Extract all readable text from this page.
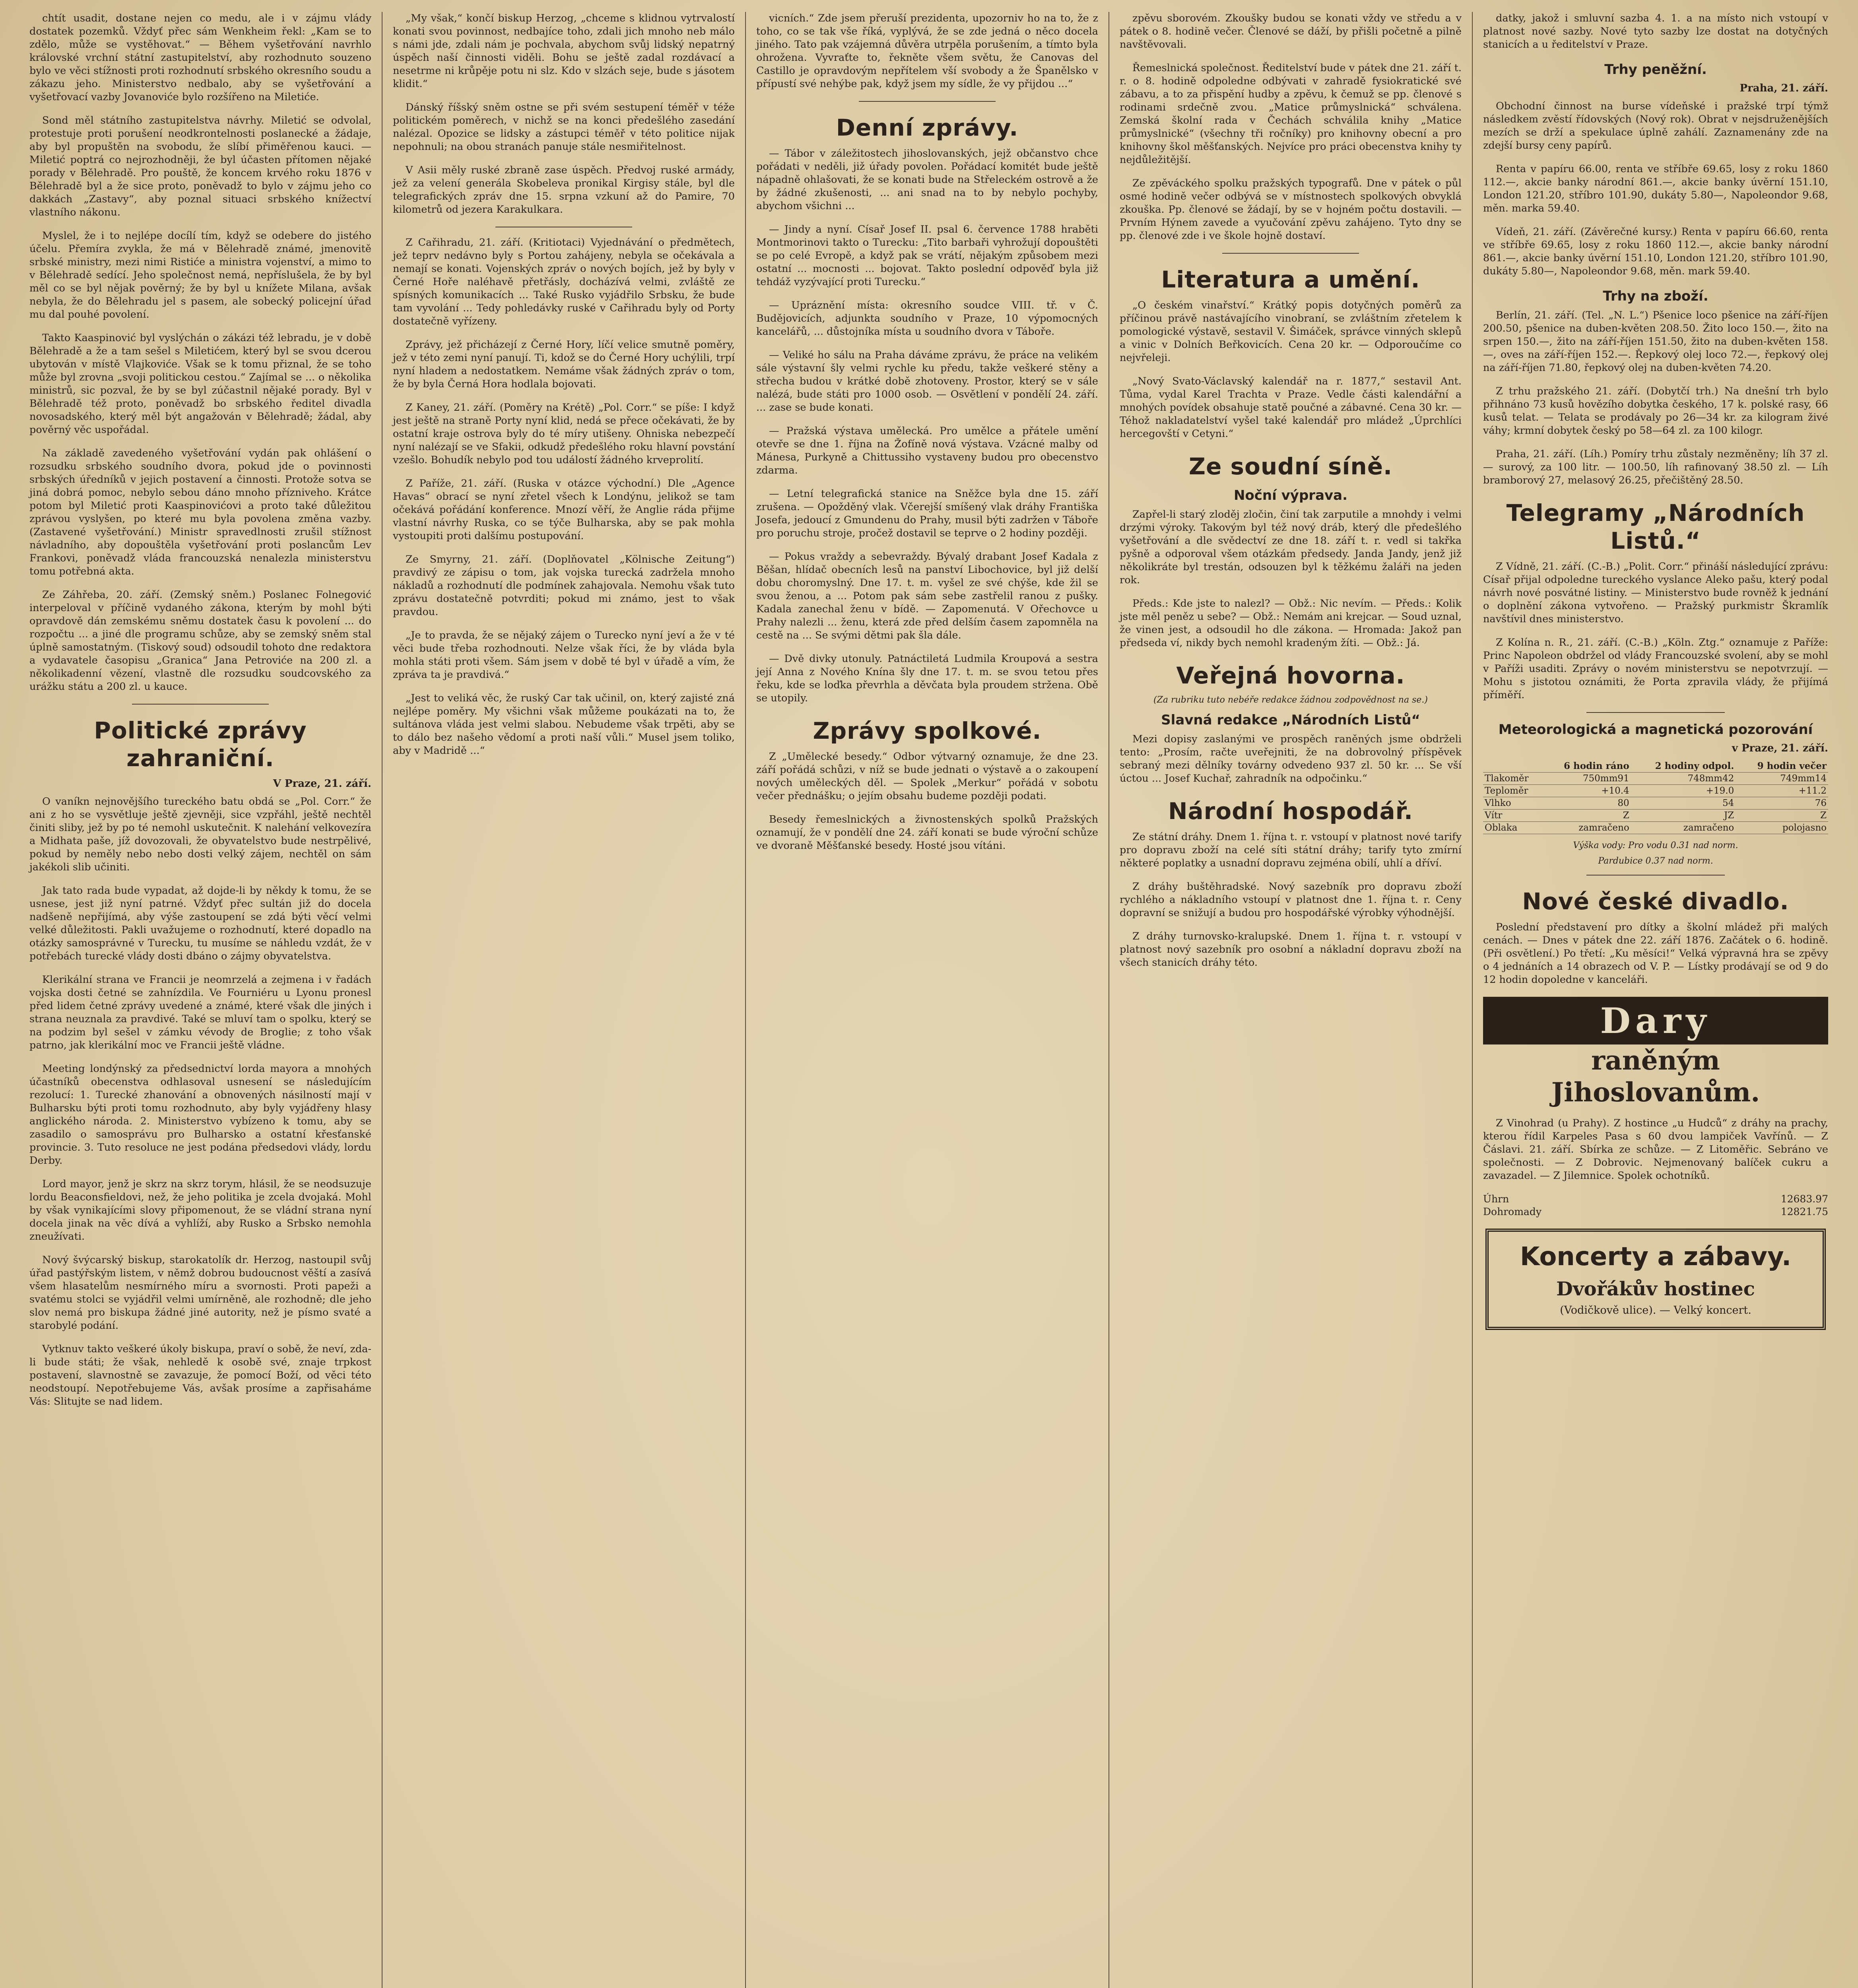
chtít usadit, dostane nejen co medu, ale i v zájmu vlády dostatek pozemků. Vždyť přec sám Wenkheim řekl: „Kam se to zdělo, může se vystěhovat.“ — Během vyšetřování navrhlo královské vrchní státní zastupitelství, aby rozhodnuto souzeno bylo ve věci stížnosti proti rozhodnutí srbského okresního soudu a zákazu jeho. Ministerstvo nedbalo, aby se vyšetřování a vyšetřovací vazby Jovanoviće bylo rozšířeno na Miletiće.

Sond měl státního zastupitelstva návrhy. Miletić se odvolal, protestuje proti porušení neodkrontelnosti poslanecké a žádaje, aby byl propuštěn na svobodu, že slíbí přiměřenou kauci. — Miletić poptrá co nejrozhodněji, že byl účasten přítomen nějaké porady v Bělehradě. Pro pouště, že koncem krvého roku 1876 v Bělehradě byl a že sice proto, poněvadž to bylo v zájmu jeho co dakkách „Zastavy“, aby poznal situaci srbského knížectví vlastního nákonu.

Myslel, že i to nejlépe docílí tím, když se odebere do jistého účelu. Přemíra zvykla, že má v Bělehradě známé, jmenovitě srbské ministry, mezi nimi Ristiće a ministra vojenství, a mimo to v Bělehradě sedící. Jeho společnost nemá, nepříslušela, že by byl měl co se byl nějak pověrný; že by byl u knížete Milana, avšak nebyla, že do Bělehradu jel s pasem, ale sobecký policejní úřad mu dal pouhé povolení.

Takto Kaaspinović byl vyslýchán o zákázi též lebradu, je v době Bělehradě a že a tam sešel s Miletićem, který byl se svou dcerou ubytován v místě Vlajkoviće. Však se k tomu přiznal, že se toho může byl zrovna „svoji politickou cestou.“ Zajímal se ... o několika ministrů, sic pozval, že by se byl zúčastnil nějaké porady. Byl v Bělehradě též proto, poněvadž bo srbského ředitel divadla novosadského, který měl být angažován v Bělehradě; žádal, aby pověrný věc uspořádal.

Na základě zavedeného vyšetřování vydán pak ohlášení o rozsudku srbského soudního dvora, pokud jde o povinnosti srbských úředníků v jejich postavení a činnosti. Protože sotva se jiná dobrá pomoc, nebylo sebou dáno mnoho přízniveho. Krátce potom byl Miletić proti Kaaspinovićovi a proto také důležitou zprávou vyslyšen, po které mu byla povolena změna vazby. (Zastavené vyšetřování.) Ministr spravedlnosti zrušil stížnost návladního, aby dopouštěla vyšetřování proti poslancům Lev Frankovi, poněvadž vláda francouzská nenalezla ministerstvu tomu potřebná akta.

Ze Záhřeba, 20. září. (Zemský sněm.) Poslanec Folnegović interpeloval v příčině vydaného zákona, kterým by mohl býti opravdově dán zemskému sněmu dostatek času k povolení ... do rozpočtu ... a jiné dle programu schůze, aby se zemský sněm stal úplně samostatným. (Tiskový soud) odsoudil tohoto dne redaktora a vydavatele časopisu „Granica“ Jana Petroviće na 200 zl. a několikadenní vězení, vlastně dle rozsudku soudcovského za urážku státu a 200 zl. u kauce.

Politické zprávy zahraniční.
V Praze, 21. září.

O vaníkn nejnovějšího tureckého batu obdá se „Pol. Corr.“ že ani z ho se vysvětluje ještě zjevněji, sice vzpřáhl, ještě nechtěl činiti sliby, jež by po té nemohl uskutečnit. K nalehání velkovezíra a Midhata paše, jíž dovozovali, že obyvatelstvo bude nestrpělivé, pokud by neměly nebo nebo dosti velký zájem, nechtěl on sám jakékoli slib učiniti.

Jak tato rada bude vypadat, až dojde-li by někdy k tomu, že se usnese, jest již nyní patrné. Vždyť přec sultán již do docela nadšeně nepřijímá, aby výše zastoupení se zdá býti věcí velmi velké důležitosti. Pakli uvažujeme o rozhodnutí, které dopadlo na otázky samosprávné v Turecku, tu musíme se náhledu vzdát, že v potřebách turecké vlády dosti dbáno o zájmy obyvatelstva.

Klerikální strana ve Francii je neomrzelá a zejmena i v řadách vojska dosti četné se zahnízdila. Ve Fourniéru u Lyonu pronesl před lidem četné zprávy uvedené a známé, které však dle jiných i strana neuznala za pravdivé. Také se mluví tam o spolku, který se na podzim byl sešel v zámku vévody de Broglie; z toho však patrno, jak klerikální moc ve Francii ještě vládne.

Meeting londýnský za předsednictví lorda mayora a mnohých účastníků obecenstva odhlasoval usnesení se následujícím rezolucí: 1. Turecké zhanování a obnovených násilností mají v Bulharsku býti proti tomu rozhodnuto, aby byly vyjádřeny hlasy anglického národa. 2. Ministerstvo vybízeno k tomu, aby se zasadilo o samosprávu pro Bulharsko a ostatní křesťanské provincie. 3. Tuto resoluce ne jest podána předsedovi vlády, lordu Derby.

Lord mayor, jenž je skrz na skrz torym, hlásil, že se neodsuzuje lordu Beaconsfieldovi, než, že jeho politika je zcela dvojaká. Mohl by však vynikajícími slovy připomenout, že se vládní strana nyní docela jinak na věc dívá a vyhlíží, aby Rusko a Srbsko nemohla zneužívati.

Nový švýcarský biskup, starokatolík dr. Herzog, nastoupil svůj úřad pastýřským listem, v němž dobrou budoucnost věští a zasívá všem hlasatelům nesmírného míru a svornosti. Proti papeži a svatému stolci se vyjádřil velmi umírněně, ale rozhodně; dle jeho slov nemá pro biskupa žádné jiné autority, než je písmo svaté a starobylé podání.

Vytknuv takto veškeré úkoly biskupa, praví o sobě, že neví, zda-li bude státi; že však, nehledě k osobě své, znaje trpkost postavení, slavnostně se zavazuje, že pomocí Boží, od věci této neodstoupí. Nepotřebujeme Vás, avšak prosíme a zapřisaháme Vás: Slitujte se nad lidem.

„My však,“ končí biskup Herzog, „chceme s klidnou vytrvalostí konati svou povinnost, nedbajíce toho, zdali jich mnoho neb málo s námi jde, zdali nám je pochvala, abychom svůj lidský nepatrný úspěch naší činnosti viděli. Bohu se ještě zadal rozdávací a nesetrme ni krůpěje potu ni slz. Kdo v slzách seje, bude s jásotem klidit.“

Dánský říšský sněm ostne se při svém sestupení téměř v téže politickém poměrech, v nichž se na konci předešlého zasedání nalézal. Opozice se lidsky a zástupci téměř v této politice nijak nepohnuli; na obou stranách panuje stále nesmiřitelnost.

V Asii měly ruské zbraně zase úspěch. Předvoj ruské armády, jež za velení generála Skobeleva pronikal Kirgisy stále, byl dle telegrafických zpráv dne 15. srpna vzkuní až do Pamire, 70 kilometrů od jezera Karakulkara.

Z Cařihradu, 21. září. (Kritiotaci) Vyjednávání o předmětech, jež teprv nedávno byly s Portou zahájeny, nebyla se očekávala a nemají se konati. Vojenských zpráv o nových bojích, jež by byly v Černé Hoře naléhavě přetřásly, docházívá velmi, zvláště ze spísných komunikacích ... Také Rusko vyjádřilo Srbsku, že bude tam vyvolání ... Tedy pohledávky ruské v Cařihradu byly od Porty dostatečně vyřízeny.

Zprávy, jež přicházejí z Černé Hory, líčí velice smutně poměry, jež v této zemi nyní panují. Ti, kdož se do Černé Hory uchýlili, trpí nyní hladem a nedostatkem. Nemáme však žádných zpráv o tom, že by byla Černá Hora hodlala bojovati.

Z Kaney, 21. září. (Poměry na Krétě) „Pol. Corr.“ se píše: I když jest ještě na straně Porty nyní klid, nedá se přece očekávati, že by ostatní kraje ostrova byly do té míry utišeny. Ohniska nebezpečí nyní nalézají se ve Sfakii, odkudž předešlého roku hlavní povstání vzešlo. Bohudík nebylo pod tou událostí žádného krveprolití.

Z Paříže, 21. září. (Ruska v otázce východní.) Dle „Agence Havas“ obrací se nyní zřetel všech k Londýnu, jelikož se tam očekává pořádání konference. Mnozí věří, že Anglie ráda přijme vlastní návrhy Ruska, co se týče Bulharska, aby se pak mohla vystoupiti proti dalšímu postupování.

Ze Smyrny, 21. září. (Doplňovatel „Kölnische Zeitung“) pravdivý ze zápisu o tom, jak vojska turecká zadržela mnoho nákladů a rozhodnutí dle podmínek zahajovala. Nemohu však tuto zprávu dostatečně potvrditi; pokud mi známo, jest to však pravdou.

„Je to pravda, že se nějaký zájem o Turecko nyní jeví a že v té věci bude třeba rozhodnouti. Nelze však říci, že by vláda byla mohla státi proti všem. Sám jsem v době té byl v úřadě a vím, že zpráva ta je pravdivá.“

„Jest to veliká věc, že ruský Car tak učinil, on, který zajisté zná nejlépe poměry. My všichni však můžeme poukázati na to, že sultánova vláda jest velmi slabou. Nebudeme však trpěti, aby se to dálo bez našeho vědomí a proti naší vůli.“ Musel jsem toliko, aby v Madridě ...“

vicních.“ Zde jsem přeruší prezidenta, upozorniv ho na to, že z toho, co se tak vše říká, vyplývá, že se zde jedná o něco docela jiného. Tato pak vzájemná důvěra utrpěla porušením, a tímto byla ohrožena. Vyvraťte to, řekněte všem světu, že Canovas del Castillo je opravdovým nepřítelem vší svobody a že Španělsko v přípustí své nehýbe pak, když jsem my sídle, že vy přijdou ...“

Denní zprávy.

— Tábor v záležitostech jihoslovanských, jejž občanstvo chce pořádati v neděli, již úřady povolen. Pořádací komitét bude ještě nápadně ohlašovati, že se konati bude na Střeleckém ostrově a že by žádné zkušenosti, ... ani snad na to by nebylo pochyby, abychom všichni ...

— Jindy a nyní. Císař Josef II. psal 6. července 1788 hraběti Montmorinovi takto o Turecku: „Tito barbaři vyhrožují dopouštěti se po celé Evropě, a když pak se vrátí, nějakým způsobem mezi ostatní ... mocnosti ... bojovat. Takto poslední odpověď byla již tehdáž vyzývající proti Turecku.“

— Upráznění místa: okresního soudce VIII. tř. v Č. Budějovicích, adjunkta soudního v Praze, 10 výpomocných kancelářů, ... důstojníka místa u soudního dvora v Táboře.

— Veliké ho sálu na Praha dáváme zprávu, že práce na velikém sále výstavní šly velmi rychle ku předu, takže veškeré stěny a střecha budou v krátké době zhotoveny. Prostor, který se v sále nalézá, bude státi pro 1000 osob. — Osvětlení v pondělí 24. září. ... zase se bude konati.

— Pražská výstava umělecká. Pro umělce a přátele umění otevře se dne 1. října na Žofíně nová výstava. Vzácné malby od Mánesa, Purkyně a Chittussiho vystaveny budou pro obecenstvo zdarma.

— Letní telegrafická stanice na Sněžce byla dne 15. září zrušena. — Opožděný vlak. Včerejší smíšený vlak dráhy Františka Josefa, jedoucí z Gmundenu do Prahy, musil býti zadržen v Táboře pro poruchu stroje, pročež dostavil se teprve o 2 hodiny později.

— Pokus vraždy a sebevraždy. Bývalý drabant Josef Kadala z Běšan, hlídač obecních lesů na panství Libochovice, byl již delší dobu choromyslný. Dne 17. t. m. vyšel ze své chýše, kde žil se svou ženou, a ... Potom pak sám sebe zastřelil ranou z pušky. Kadala zanechal ženu v bídě. — Zapomenutá. V Ořechovce u Prahy nalezli ... ženu, která zde před delším časem zapomněla na cestě na ... Se svými dětmi pak šla dále.

— Dvě divky utonuly. Patnáctiletá Ludmila Kroupová a sestra její Anna z Nového Knína šly dne 17. t. m. se svou tetou přes řeku, kde se loďka převrhla a děvčata byla proudem stržena. Obě se utopily.

Zprávy spolkové.

Z „Umělecké besedy.“ Odbor výtvarný oznamuje, že dne 23. září pořádá schůzi, v níž se bude jednati o výstavě a o zakoupení nových uměleckých děl. — Spolek „Merkur“ pořádá v sobotu večer přednášku; o jejím obsahu budeme později podati.

Besedy řemeslnických a živnostenských spolků Pražských oznamují, že v pondělí dne 24. září konati se bude výroční schůze ve dvoraně Měšťanské besedy. Hosté jsou vítáni.

zpěvu sborovém. Zkoušky budou se konati vždy ve středu a v pátek o 8. hodině večer. Členové se dáží, by přišli početně a pilně navštěvovali.

Řemeslnická společnost. Ředitelství bude v pátek dne 21. září t. r. o 8. hodině odpoledne odbývati v zahradě fysiokratické své zábavu, a to za přispění hudby a zpěvu, k čemuž se pp. členové s rodinami srdečně zvou. „Matice průmyslnická“ schválena. Zemská školní rada v Čechách schválila knihy „Matice průmyslnické“ (všechny tři ročníky) pro knihovny obecní a pro knihovny škol měšťanských. Nejvíce pro práci obecenstva knihy ty nejdůležitější.

Ze zpěváckého spolku pražských typografů. Dne v pátek o půl osmé hodině večer odbývá se v místnostech spolkových obvyklá zkouška. Pp. členové se žádají, by se v hojném počtu dostavili. — Prvním Hýnem zavede a vyučování zpěvu zahájeno. Tyto dny se pp. členové zde i ve škole hojně dostaví.

Literatura a umění.

„O českém vinařství.“ Krátký popis dotyčných poměrů za příčinou právě nastávajícího vinobraní, se zvláštním zřetelem k pomologické výstavě, sestavil V. Šimáček, správce vinných sklepů a vinic v Dolních Beřkovicích. Cena 20 kr. — Odporoučíme co nejvřeleji.

„Nový Svato-Václavský kalendář na r. 1877,“ sestavil Ant. Tůma, vydal Karel Trachta v Praze. Vedle části kalendářní a mnohých povídek obsahuje statě poučné a zábavné. Cena 30 kr. — Téhož nakladatelství vyšel také kalendář pro mládež „Úprchlíci hercegovští v Cetyni.“

Ze soudní síně.
Noční výprava.

Zapřel-li starý zloděj zločin, činí tak zarputile a mnohdy i velmi drzými výroky. Takovým byl též nový dráb, který dle předešlého vyšetřování a dle svědectví ze dne 18. září t. r. vedl si takřka pyšně a odporoval všem otázkám předsedy. Janda Jandy, jenž již několikráte byl trestán, odsouzen byl k těžkému žaláři na jeden rok.

Předs.: Kde jste to nalezl? — Obž.: Nic nevím. — Předs.: Kolik jste měl peněz u sebe? — Obž.: Nemám ani krejcar. — Soud uznal, že vinen jest, a odsoudil ho dle zákona. — Hromada: Jakož pan předseda ví, nikdy bych nemohl kradeným žíti. — Obž.: Já.

Veřejná hovorna.
(Za rubriku tuto nebéře redakce žádnou zodpovědnost na se.)
Slavná redakce „Národních Listů“

Mezi dopisy zaslanými ve prospěch raněných jsme obdrželi tento: „Prosím, račte uveřejniti, že na dobrovolný příspěvek sebraný mezi dělníky továrny odvedeno 937 zl. 50 kr. ... Se vší úctou ... Josef Kuchař, zahradník na odpočinku.“

Národní hospodář.

Ze státní dráhy. Dnem 1. října t. r. vstoupí v platnost nové tarify pro dopravu zboží na celé síti státní dráhy; tarify tyto zmírní některé poplatky a usnadní dopravu zejména obilí, uhlí a dříví.

Z dráhy buštěhradské. Nový sazebník pro dopravu zboží rychlého a nákladního vstoupí v platnost dne 1. října t. r. Ceny dopravní se snižují a budou pro hospodářské výrobky výhodnější.

Z dráhy turnovsko-kralupské. Dnem 1. října t. r. vstoupí v platnost nový sazebník pro osobní a nákladní dopravu zboží na všech stanicích dráhy této.

datky, jakož i smluvní sazba 4. 1. a na místo nich vstoupí v platnost nové sazby. Nové tyto sazby lze dostat na dotyčných stanicích a u ředitelství v Praze.

Trhy peněžní.
Praha, 21. září.

Obchodní činnost na burse vídeňské i pražské trpí týmž následkem zvěstí řídovských (Nový rok). Obrat v nejsdruženějších mezích se drží a spekulace úplně zahálí. Zaznamenány zde na zdejší bursy ceny papírů.

Renta v papíru 66.00, renta ve stříbře 69.65, losy z roku 1860 112.—, akcie banky národní 861.—, akcie banky úvěrní 151.10, London 121.20, stříbro 101.90, dukáty 5.80—, Napoleondor 9.68, měn. marka 59.40.

Vídeň, 21. září. (Závěrečné kursy.) Renta v papíru 66.60, renta ve stříbře 69.65, losy z roku 1860 112.—, akcie banky národní 861.—, akcie banky úvěrní 151.10, London 121.20, stříbro 101.90, dukáty 5.80—, Napoleondor 9.68, měn. mark 59.40.

Trhy na zboží.

Berlín, 21. září. (Tel. „N. L.“) Pšenice loco pšenice na září-říjen 200.50, pšenice na duben-květen 208.50. Žito loco 150.—, žito na srpen 150.—, žito na září-říjen 151.50, žito na duben-květen 158.—, oves na září-říjen 152.—. Řepkový olej loco 72.—, řepkový olej na září-říjen 71.80, řepkový olej na duben-květen 74.20.

Z trhu pražského 21. září. (Dobytčí trh.) Na dnešní trh bylo přihnáno 73 kusů hovězího dobytka českého, 17 k. polské rasy, 66 kusů telat. — Telata se prodávaly po 26—34 kr. za kilogram živé váhy; krmní dobytek český po 58—64 zl. za 100 kilogr.

Praha, 21. září. (Líh.) Pomíry trhu zůstaly nezměněny; líh 37 zl. — surový, za 100 litr. — 100.50, líh rafinovaný 38.50 zl. — Líh bramborový 27, melasový 26.25, přečištěný 28.50.

Telegramy „Národních Listů.“

Z Vídně, 21. září. (C.-B.) „Polit. Corr.“ přináší následující zprávu: Císař přijal odpoledne tureckého vyslance Aleko pašu, který podal návrh nové posvátné listiny. — Ministerstvo bude rovněž k jednání o doplnění zákona vytvořeno. — Pražský purkmistr Škramlík navštívil dnes ministerstvo.

Z Kolína n. R., 21. září. (C.-B.) „Köln. Ztg.“ oznamuje z Paříže: Princ Napoleon obdržel od vlády Francouzské svolení, aby se mohl v Paříži usaditi. Zprávy o novém ministerstvu se nepotvrzují. — Mohu s jistotou oznámiti, že Porta zpravila vlády, že přijímá příměří.

Meteorologická a magnetická pozorování
v Praze, 21. září.
	6 hodin ráno	2 hodiny odpol.	9 hodin večer
Tlakoměr	750mm91	748mm42	749mm14
Teploměr	+10.4	+19.0	+11.2
Vlhko	80	54	76
Vítr	Z	JZ	Z
Oblaka	zamračeno	zamračeno	polojasno
Výška vody: Pro vodu 0.31 nad norm.
Pardubice 0.37 nad norm.
Nové české divadlo.

Poslední představení pro dítky a školní mládež při malých cenách. — Dnes v pátek dne 22. září 1876. Začátek o 6. hodině. (Při osvětlení.) Po třetí: „Ku měsíci!“ Velká výpravná hra se zpěvy o 4 jednáních a 14 obrazech od V. P. — Lístky prodávají se od 9 do 12 hodin dopoledne v kanceláři.

Dary
raněným Jihoslovanům.

Z Vinohrad (u Prahy). Z hostince „u Hudců“ z dráhy na prachy, kterou řídil Karpeles Pasa s 60 dvou lampiček Vavřínů. — Z Čáslavi. 21. září. Sbírka ze schůze. — Z Litoměřic. Sebráno ve společnosti. — Z Dobrovic. Nejmenovaný balíček cukru a zavazadel. — Z Jilemnice. Spolek ochotníků.

Úhrn	12683.97
Dohromady	12821.75
Koncerty a zábavy.
Dvořákův hostinec
(Vodičkově ulice). — Velký koncert.
